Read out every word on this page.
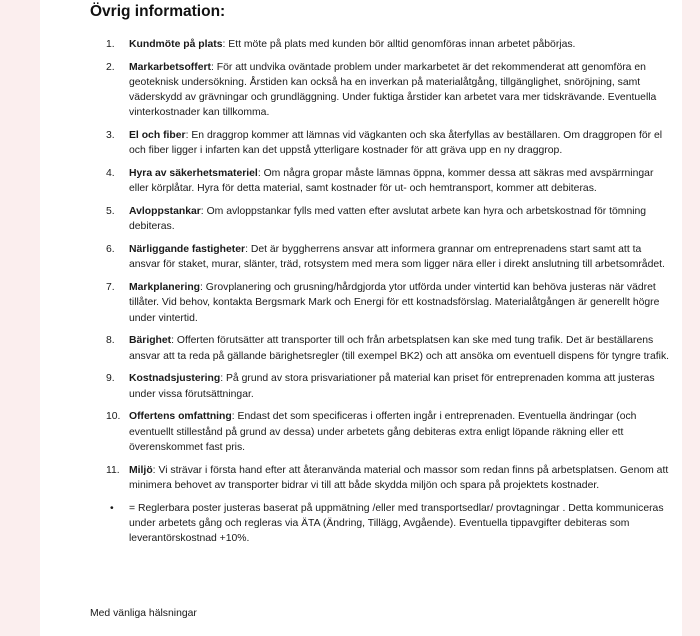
Övrig information:
1.	Kundmöte på plats: Ett möte på plats med kunden bör alltid genomföras innan arbetet påbörjas.
2.	Markarbetsoffert: För att undvika oväntade problem under markarbetet är det rekommenderat att genomföra en geoteknisk undersökning. Årstiden kan också ha en inverkan på materialåtgång, tillgänglighet, snöröjning, samt väderskydd av grävningar och grundläggning. Under fuktiga årstider kan arbetet vara mer tidskrävande. Eventuella vinterkostnader kan tillkomma.
3.	El och fiber: En draggrop kommer att lämnas vid vägkanten och ska återfyllas av beställaren. Om draggropen för el och fiber ligger i infarten kan det uppstå ytterligare kostnader för att gräva upp en ny draggrop.
4.	Hyra av säkerhetsmateriel: Om några gropar måste lämnas öppna, kommer dessa att säkras med avspärrningar eller körplåtar. Hyra för detta material, samt kostnader för ut- och hemtransport, kommer att debiteras.
5.	Avloppstankar: Om avloppstankar fylls med vatten efter avslutat arbete kan hyra och arbetskostnad för tömning debiteras.
6.	Närliggande fastigheter: Det är byggherrens ansvar att informera grannar om entreprenadens start samt att ta ansvar för staket, murar, slänter, träd, rotsystem med mera som ligger nära eller i direkt anslutning till arbetsområdet.
7.	Markplanering: Grovplanering och grusning/hårdgjorda ytor utförda under vintertid kan behöva justeras när vädret tillåter. Vid behov, kontakta Bergsmark Mark och Energi för ett kostnadsförslag. Materialåtgången är generellt högre under vintertid.
8.	Bärighet: Offerten förutsätter att transporter till och från arbetsplatsen kan ske med tung trafik. Det är beställarens ansvar att ta reda på gällande bärighetsregler (till exempel BK2) och att ansöka om eventuell dispens för tyngre trafik.
9.	Kostnadsjustering: På grund av stora prisvariationer på material kan priset för entreprenaden komma att justeras under vissa förutsättningar.
10. Offertens omfattning: Endast det som specificeras i offerten ingår i entreprenaden. Eventuella ändringar (och eventuellt stillestånd på grund av dessa) under arbetets gång debiteras extra enligt löpande räkning eller ett överenskommet fast pris.
11. Miljö: Vi strävar i första hand efter att återanvända material och massor som redan finns på arbetsplatsen. Genom att minimera behovet av transporter bidrar vi till att både skydda miljön och spara på projektets kostnader.
• = Reglerbara poster justeras baserat på uppmätning /eller med transportsedlar/ provtagningar . Detta kommuniceras under arbetets gång och regleras via ÄTA (Ändring, Tillägg, Avgående). Eventuella tippavgifter debiteras som leverantörskostnad +10%.
Med vänliga hälsningar
